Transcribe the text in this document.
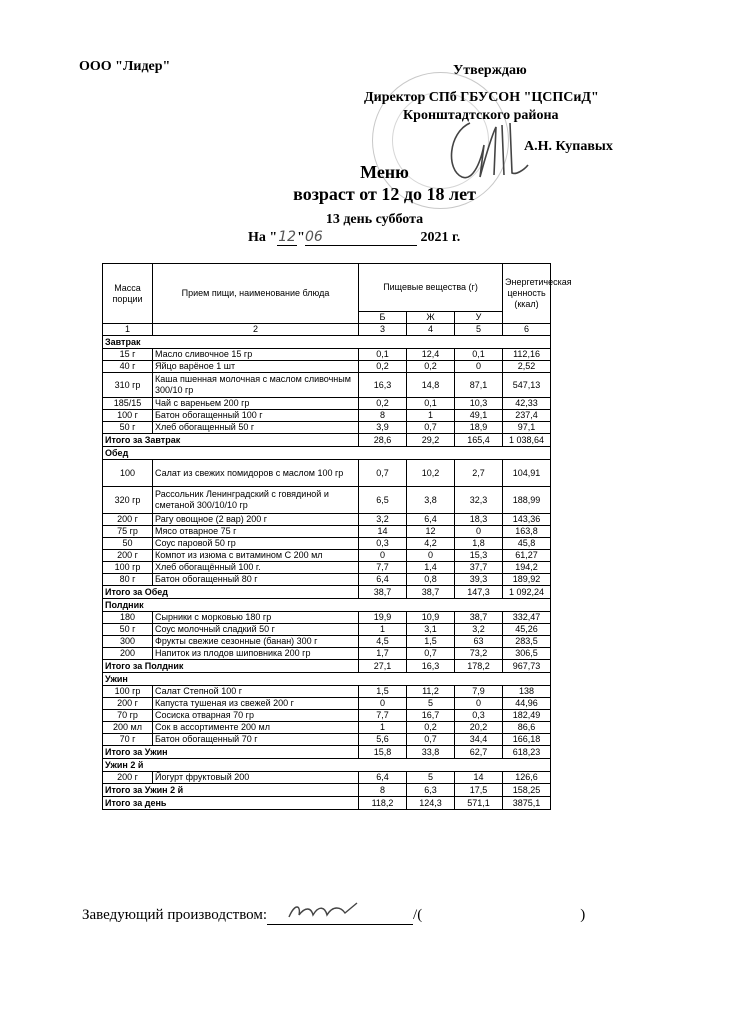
ООО "Лидер"	Утверждаю
Директор СПб ГБУСОН "ЦСПСиД"
Кронштадтского района
А.Н. Купавых
Меню
возраст от 12 до 18 лет
13 день суббота
На "12"06	2021 г.
Масса порции	Прием пищи, наименование блюда	Пищевые вещества (г)			Энергетическая ценность (ккал)
		Б	Ж	У	
1	2	3	4	5	6
Завтрак					
15 г	Масло сливочное 15 гр	0,1	12,4	0,1	112,16
40 г	Яйцо варёное 1 шт	0,2	0,2	0	2,52
310 гр	Каша пшенная молочная с маслом сливочным 300/10 гр	16,3	14,8	87,1	547,13
185/15	Чай с вареньем 200 гр	0,2	0,1	10,3	42,33
100 г	Батон обогащенный 100 г	8	1	49,1	237,4
50 г	Хлеб обогащенный 50 г	3,9	0,7	18,9	97,1
Итого за Завтрак		28,6	29,2	165,4	1 038,64
Обед					
100	Салат из свежих помидоров с маслом 100 гр	0,7	10,2	2,7	104,91
320 гр	Рассольник Ленинградский с говядиной и сметаной 300/10/10 гр	6,5	3,8	32,3	188,99
200 г	Рагу овощное (2 вар) 200 г	3,2	6,4	18,3	143,36
75 гр	Мясо отварное 75 г	14	12	0	163,8
50	Соус паровой 50 гр	0,3	4,2	1,8	45,8
200 г	Компот из изюма с витамином С 200 мл	0	0	15,3	61,27
100 гр	Хлеб обогащённый 100 г.	7,7	1,4	37,7	194,2
80 г	Батон обогащенный 80 г	6,4	0,8	39,3	189,92
Итого за Обед		38,7	38,7	147,3	1 092,24
Полдник					
180	Сырники с морковью 180 гр	19,9	10,9	38,7	332,47
50 г	Соус молочный сладкий 50 г	1	3,1	3,2	45,26
300	Фрукты свежие сезонные (банан) 300 г	4,5	1,5	63	283,5
200	Напиток из плодов шиповника 200 гр	1,7	0,7	73,2	306,5
Итого за Полдник		27,1	16,3	178,2	967,73
Ужин					
100 гр	Салат Степной 100 г	1,5	11,2	7,9	138
200 г	Капуста тушеная из свежей 200 г	0	5	0	44,96
70 гр	Сосиска отварная 70 гр	7,7	16,7	0,3	182,49
200 мл	Сок в ассортименте 200 мл	1	0,2	20,2	86,6
70 г	Батон обогащенный 70 г	5,6	0,7	34,4	166,18
Итого за Ужин		15,8	33,8	62,7	618,23
Ужин 2 й					
200 г	Йогурт фруктовый 200	6,4	5	14	126,6
Итого за Ужин 2 й		8	6,3	17,5	158,25
Итого за день		118,2	124,3	571,1	3875,1
Заведующий производством:	/(	)
